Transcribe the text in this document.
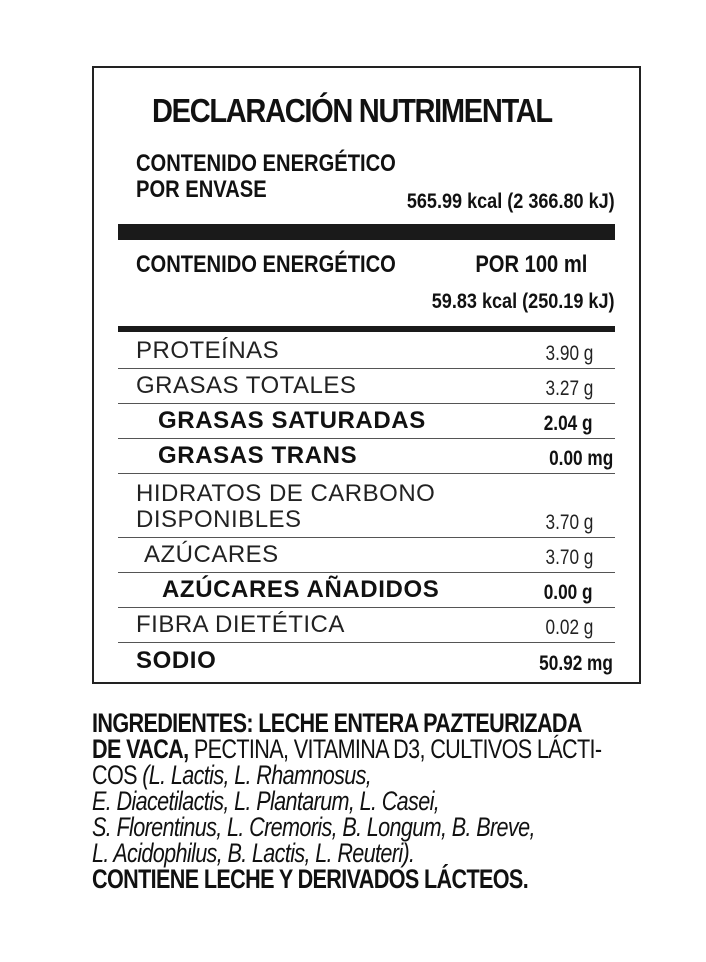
DECLARACIÓN NUTRIMENTAL
CONTENIDO ENERGÉTICO
POR ENVASE	565.99 kcal (2 366.80 kJ)
CONTENIDO ENERGÉTICO	POR 100 ml
59.83 kcal (250.19 kJ)
PROTEÍNAS	3.90 g
GRASAS TOTALES	3.27 g
GRASAS SATURADAS	2.04 g
GRASAS TRANS	0.00 mg
HIDRATOS DE CARBONO
DISPONIBLES	3.70 g
AZÚCARES	3.70 g
AZÚCARES AÑADIDOS	0.00 g
FIBRA DIETÉTICA	0.02 g
SODIO	50.92 mg
INGREDIENTES: LECHE ENTERA PAZTEURIZADA
DE VACA, PECTINA, VITAMINA D3, CULTIVOS LÁCTI-
COS (L. Lactis, L. Rhamnosus,
E. Diacetilactis, L. Plantarum, L. Casei,
S. Florentinus, L. Cremoris, B. Longum, B. Breve,
L. Acidophilus, B. Lactis, L. Reuteri).
CONTIENE LECHE Y DERIVADOS LÁCTEOS.
